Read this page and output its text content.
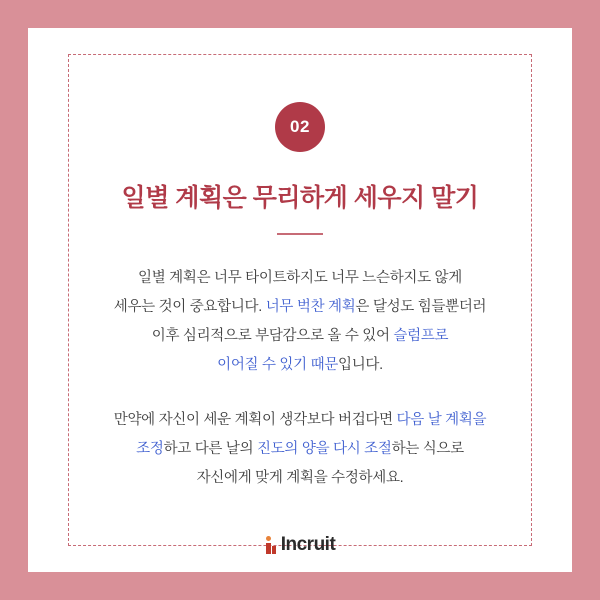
02
일별 계획은 무리하게 세우지 말기
일별 계획은 너무 타이트하지도 너무 느슨하지도 않게
세우는 것이 중요합니다. 너무 벅찬 계획은 달성도 힘들뿐더러
이후 심리적으로 부담감으로 올 수 있어 슬럼프로
이어질 수 있기 때문입니다.
만약에 자신이 세운 계획이 생각보다 버겁다면 다음 날 계획을
조정하고 다른 날의 진도의 양을 다시 조절하는 식으로
자신에게 맞게 계획을 수정하세요.
Incruit
